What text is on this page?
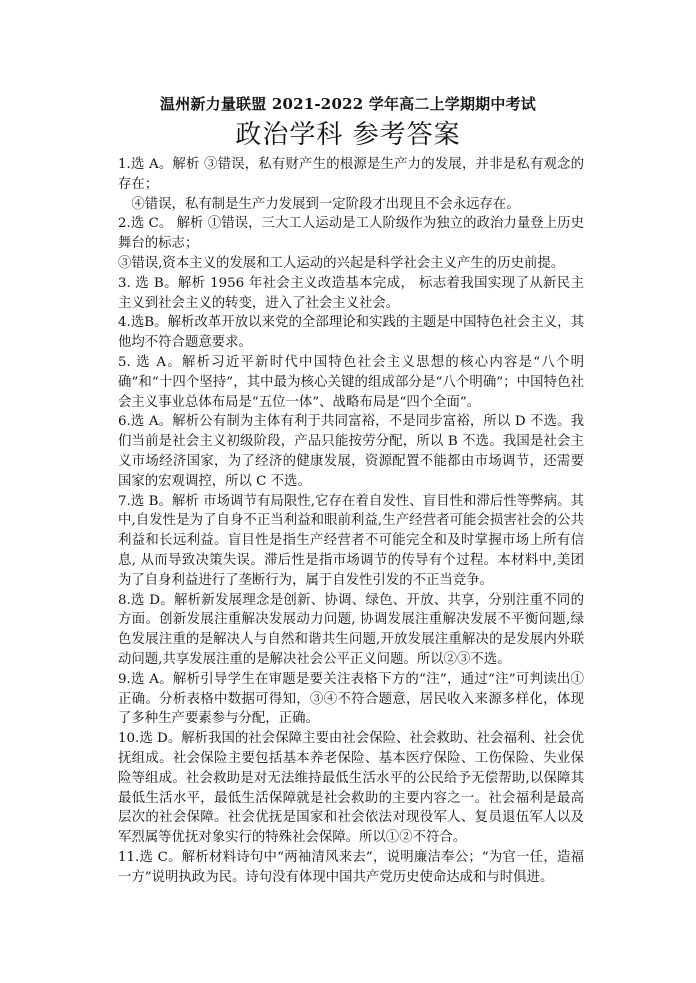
温州新力量联盟 2021-2022 学年高二上学期期中考试
政治学科 参考答案

1.选 A。解析 ③错误，私有财产生的根源是生产力的发展，并非是私有观念的存在；

④错误，私有制是生产力发展到一定阶段才出现且不会永远存在。

2.选 C。 解析 ①错误，三大工人运动是工人阶级作为独立的政治力量登上历史舞台的标志；

③错误,资本主义的发展和工人运动的兴起是科学社会主义产生的历史前提。

3. 选 B。解析 1956 年社会主义改造基本完成， 标志着我国实现了从新民主主义到社会主义的转变，进入了社会主义社会。

4.选B。解析改革开放以来党的全部理论和实践的主题是中国特色社会主义，其他均不符合题意要求。

5. 选 A。解析习近平新时代中国特色社会主义思想的核心内容是“八个明确”和“十四个坚持”，其中最为核心关键的组成部分是“八个明确”；中国特色社会主义事业总体布局是“五位一体”、战略布局是“四个全面”。

6.选 A。解析公有制为主体有利于共同富裕，不是同步富裕，所以 D 不选。我们当前是社会主义初级阶段，产品只能按劳分配，所以 B 不选。我国是社会主义市场经济国家，为了经济的健康发展，资源配置不能都由市场调节，还需要国家的宏观调控，所以 C 不选。

7.选 B。解析 市场调节有局限性,它存在着自发性、盲目性和滞后性等弊病。其中,自发性是为了自身不正当利益和眼前利益,生产经营者可能会损害社会的公共利益和长远利益。盲目性是指生产经营者不可能完全和及时掌握市场上所有信息, 从而导致决策失误。滞后性是指市场调节的传导有个过程。本材料中,美团为了自身利益进行了垄断行为，属于自发性引发的不正当竞争。

8.选 D。解析新发展理念是创新、协调、绿色、开放、共享，分别注重不同的方面。创新发展注重解决发展动力问题, 协调发展注重解决发展不平衡问题,绿色发展注重的是解决人与自然和谐共生问题,开放发展注重解决的是发展内外联动问题,共享发展注重的是解决社会公平正义问题。所以②③不选。

9.选 A。解析引导学生在审题是要关注表格下方的“注”，通过“注”可判读出①正确。分析表格中数据可得知，③④不符合题意，居民收入来源多样化，体现了多种生产要素参与分配，正确。

10.选 D。解析我国的社会保障主要由社会保险、社会救助、社会福利、社会优抚组成。社会保险主要包括基本养老保险、基本医疗保险、工伤保险、失业保险等组成。社会救助是对无法维持最低生活水平的公民给予无偿帮助,以保障其最低生活水平，最低生活保障就是社会救助的主要内容之一。社会福利是最高层次的社会保障。社会优抚是国家和社会依法对现役军人、复员退伍军人以及军烈属等优抚对象实行的特殊社会保障。所以①②不符合。

11.选 C。解析材料诗句中“两袖清风来去”，说明廉洁奉公；“为官一任，造福一方”说明执政为民。诗句没有体现中国共产党历史使命达成和与时俱进。
